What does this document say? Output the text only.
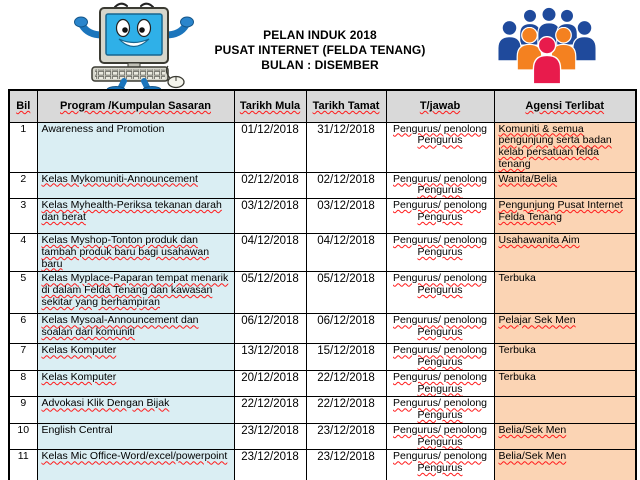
PELAN INDUK 2018
PUSAT INTERNET (FELDA TENANG)
BULAN : DISEMBER
Bil	Program /Kumpulan Sasaran	Tarikh Mula	Tarikh Tamat	T/jawab	Agensi Terlibat
1	Awareness and Promotion	01/12/2018	31/12/2018	Pengurus/ penolong Pengurus	Komuniti & semua pengunjung serta badan kelab persatuan felda tenang
2	Kelas Mykomuniti-Announcement	02/12/2018	02/12/2018	Pengurus/ penolong Pengurus	Wanita/Belia
3	Kelas Myhealth-Periksa tekanan darah dan berat	03/12/2018	03/12/2018	Pengurus/ penolong Pengurus	Pengunjung Pusat Internet Felda Tenang
4	Kelas Myshop-Tonton produk dan tambah produk baru bagi usahawan baru	04/12/2018	04/12/2018	Pengurus/ penolong Pengurus	Usahawanita Aim
5	Kelas Myplace-Paparan tempat menarik di dalam Felda Tenang dan kawasan sekitar yang berhampiran	05/12/2018	05/12/2018	Pengurus/ penolong Pengurus	Terbuka
6	Kelas Mysoal-Announcement dan soalan dari komuniti	06/12/2018	06/12/2018	Pengurus/ penolong Pengurus	Pelajar Sek Men
7	Kelas Komputer	13/12/2018	15/12/2018	Pengurus/ penolong Pengurus	Terbuka
8	Kelas Komputer	20/12/2018	22/12/2018	Pengurus/ penolong Pengurus	Terbuka
9	Advokasi Klik Dengan Bijak	22/12/2018	22/12/2018	Pengurus/ penolong Pengurus	
10	English Central	23/12/2018	23/12/2018	Pengurus/ penolong Pengurus	Belia/Sek Men
11	Kelas Mic Office-Word/excel/powerpoint	23/12/2018	23/12/2018	Pengurus/ penolong Pengurus	Belia/Sek Men
